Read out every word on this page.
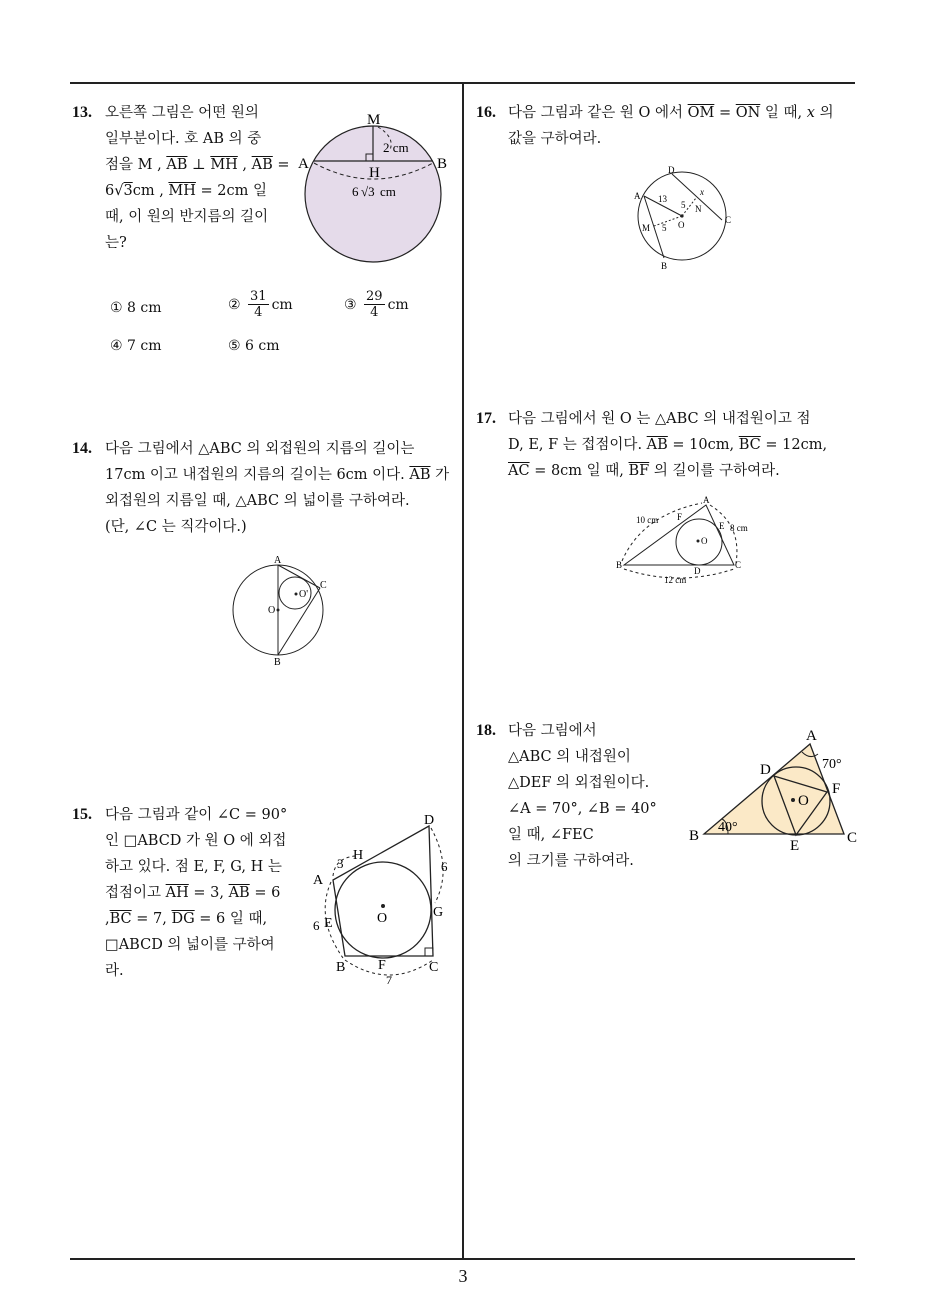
3
13. 오른쪽 그림은 어떤 원의
일부분이다. 호 AB 의 중
점을 M , $\overline{AB}$ ⊥ $\overline{MH}$ , $\overline{AB}$ =
6√3cm , $\overline{MH} = 2cm$ 일
때, 이 원의 반지름의 길이
는?
M
A	B
H
2 cm
6 √3 cm
①
8 cm	②
$\frac{31}{4}$ cm	③
$\frac{29}{4}$ cm
④
7 cm	⑤
6 cm
14. 다음 그림에서 △ABC 의 외접원의 지름의 길이는
17cm 이고 내접원의 지름의 길이는 6cm 이다. $\overline{AB}$ 가
외접원의 지름일 때, △ABC 의 넓이를 구하여라.
(단, ∠C 는 직각이다.)
A
B
C
O
O'
15. 다음 그림과 같이 ∠C = 90°
인 □ABCD 가 원 O 에 외접
하고 있다. 점 E, F, G, H 는
접점이고 $\overline{AH} = 3$, $\overline{AB} = 6$
$,\overline{BC} = 7$, $\overline{DG} = 6$ 일 때,
□ABCD 의 넓이를 구하여
라.
D
A
H
3	6
G
E
6	O
B F	C
7
16. 다음 그림과 같은 원 O 에서 $\overline{OM} = \overline{ON}$ 일 때, x 의
값을 구하여라.
D
A 13
x
5 N
C
M 5 O
B
17. 다음 그림에서 원 O 는 △ABC 의 내접원이고 점
D, E, F 는 접점이다. $\overline{AB} = 10cm$, $\overline{BC} = 12cm$,
$\overline{AC} = 8cm$ 일 때, $\overline{BF}$ 의 길이를 구하여라.
A
10 cm F
E 8 cm
O
B
D
C
12 cm
18. 다음 그림에서
△ABC 의 내접원이
△DEF 의 외접원이다.
∠A = 70°, ∠B = 40°
일 때, ∠FEC
의 크기를 구하여라.
A
70°
D
O
F
40°
B
E	C
